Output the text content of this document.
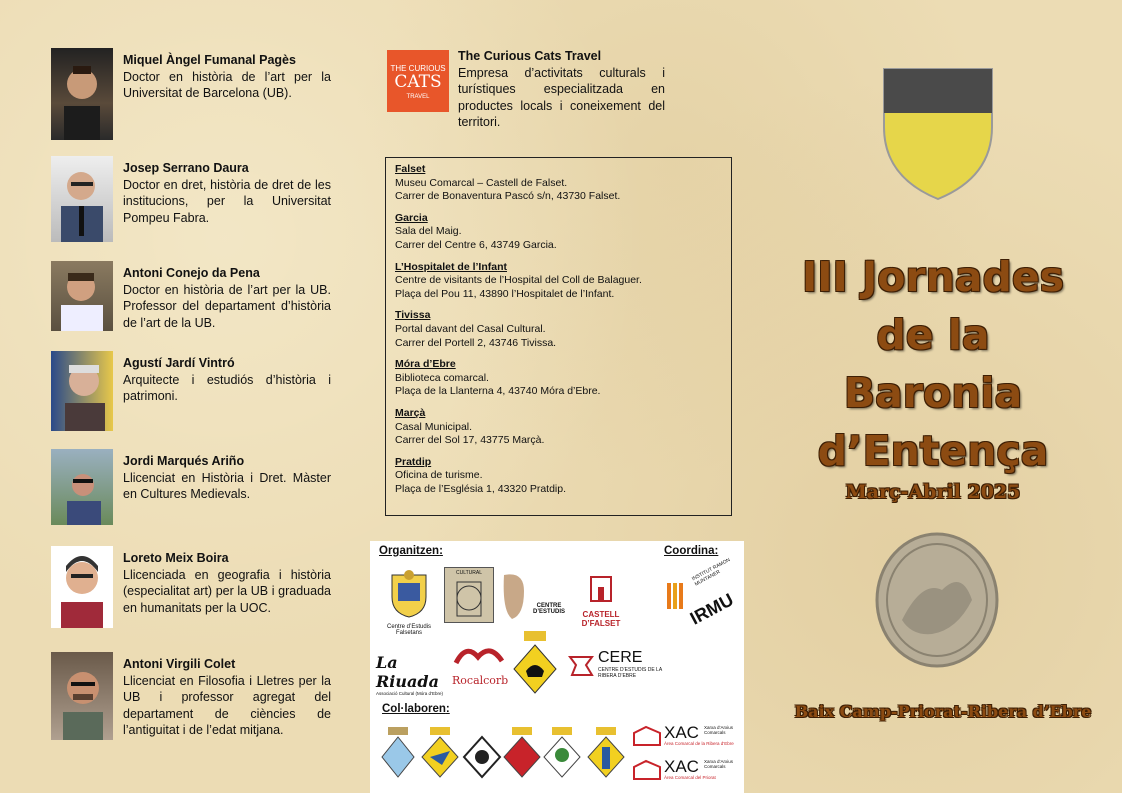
Miquel Àngel Fumanal Pagès
Doctor en història de l’art per la Universitat de Barcelona (UB).
Josep Serrano Daura
Doctor en dret, història de dret de les institucions, per la Universitat Pompeu Fabra.
Antoni Conejo da Pena
Doctor en història de l’art per la UB. Professor del departament d’història de l’art de la UB.
Agustí Jardí Vintró
Arquitecte i estudiós d’història i patrimoni.
Jordi Marqués Ariño
Llicenciat en Història i Dret. Màster en Cultures Medievals.
Loreto Meix Boira
Llicenciada en geografia i història (especialitat art) per la UB i graduada en humanitats per la UOC.
Antoni Virgili Colet
Llicenciat en Filosofia i Lletres per la UB i professor agregat del departament de ciències de l’antiguitat i de l’edat mitjana.
THE CURIOUS
CATS
TRAVEL
The Curious Cats Travel
Empresa d’activitats culturals i turístiques especialitzada en productes locals i coneixement del territori.
Falset
Museu Comarcal – Castell de Falset.
Carrer de Bonaventura Pascó s/n, 43730 Falset.
Garcia
Sala del Maig.
Carrer del Centre 6, 43749 Garcia.
L’Hospitalet de l’Infant
Centre de visitants de l’Hospital del Coll de Balaguer.
Plaça del Pou 11, 43890 l’Hospitalet de l’Infant.
Tivissa
Portal davant del Casal Cultural.
Carrer del Portell 2, 43746 Tivissa.
Móra d’Ebre
Biblioteca comarcal.
Plaça de la Llanterna 4, 43740 Móra d’Ebre.
Marçà
Casal Municipal.
Carrer del Sol 17, 43775 Marçà.
Pratdip
Oficina de turisme.
Plaça de l’Església 1, 43320 Pratdip.
Organitzen:	Coordina:
Centre d’Estudis Falsetans
CULTURAL
CENTRE D’ESTUDIS	CASTELL D’FALSET
INSTITUT RAMON MUNTANER
IRMU
La Riuada
Associació Cultural (Móra d’Ebre)
Rocalcorb
CERE
CENTRE D’ESTUDIS DE LA RIBERA D’EBRE
Col·laboren:
XAC Xarxa d’Arxius Comarcals
Àrea Comarcal de la Ribera d’Ebre
XAC Xarxa d’Arxius Comarcals
Àrea Comarcal del Priorat
III Jornades
de la
Baronia
d’Entença
Març-Abril 2025
Baix Camp-Priorat-Ribera d’Ebre
